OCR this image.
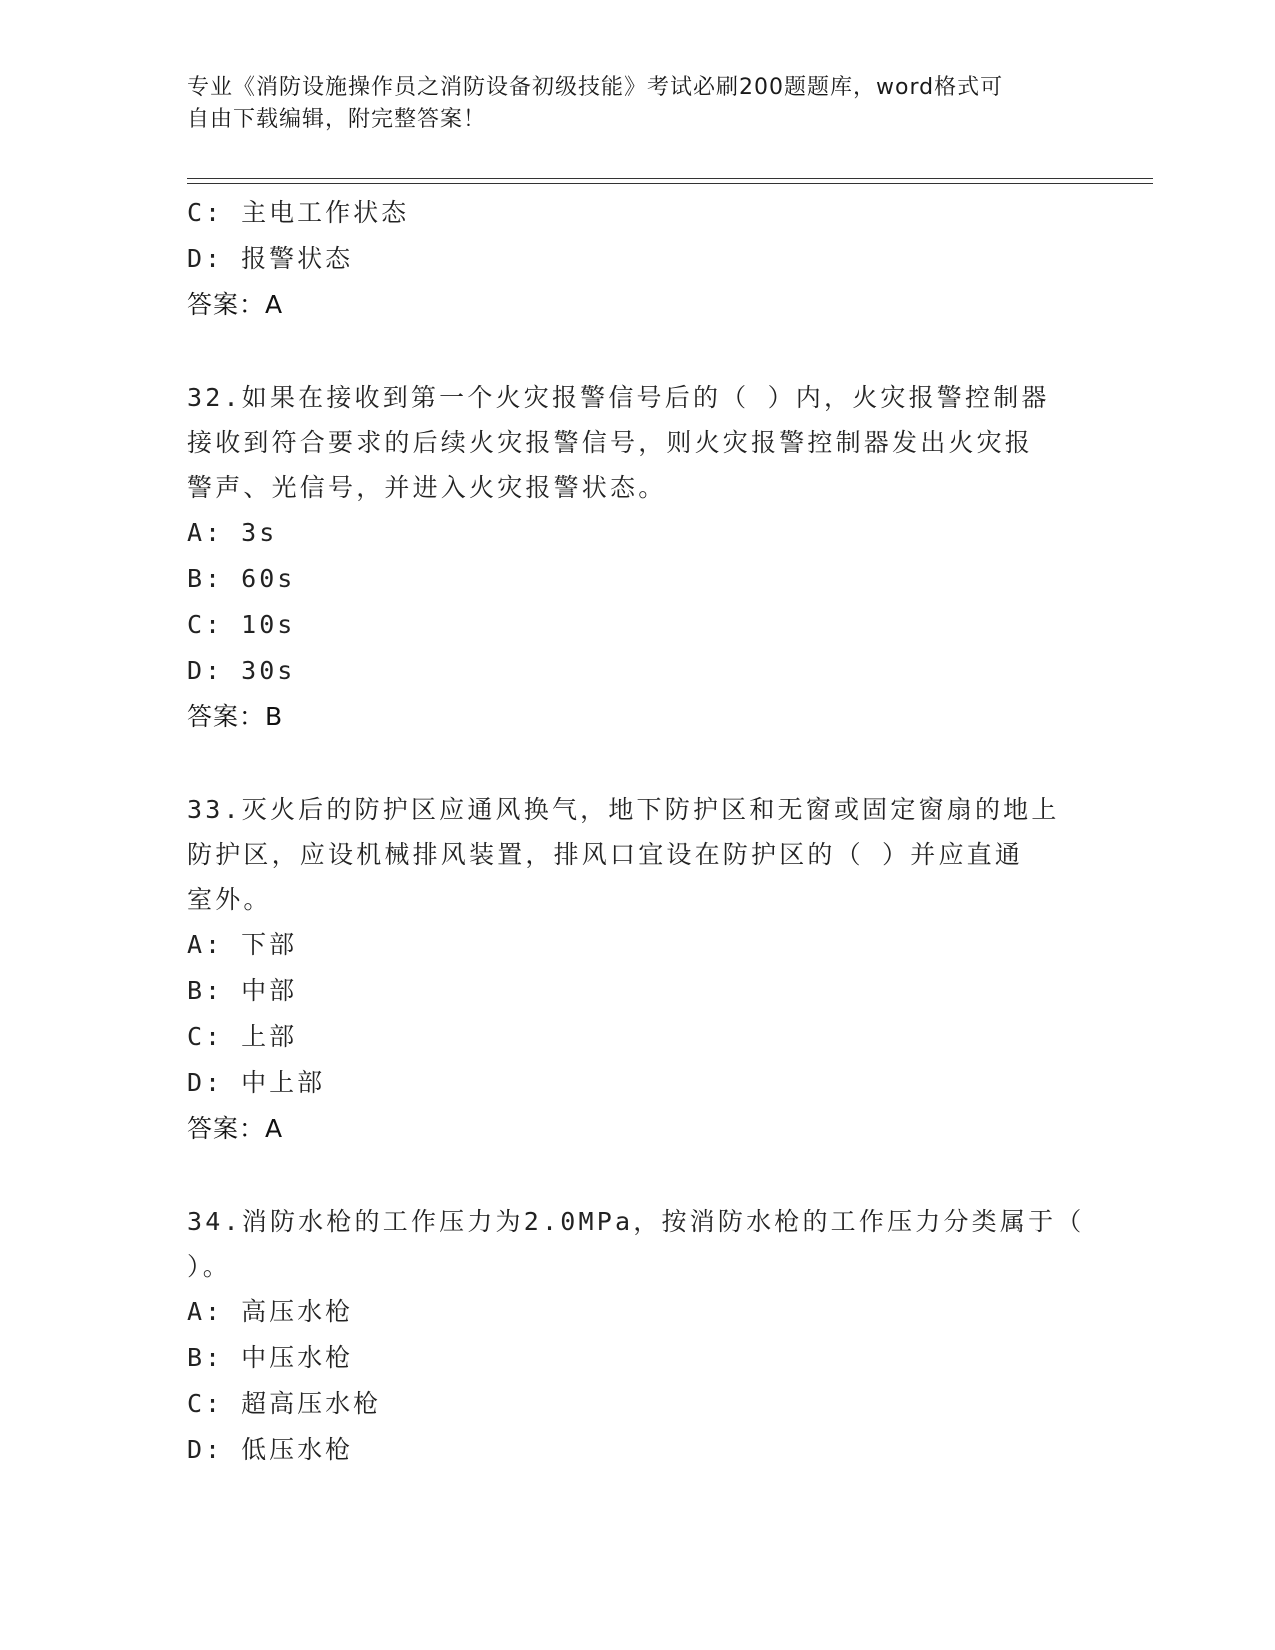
专业《消防设施操作员之消防设备初级技能》考试必刷200题题库，word格式可
自由下载编辑，附完整答案！
C: 主电工作状态
D: 报警状态
答案：A
32.如果在接收到第一个火灾报警信号后的（ ）内，火灾报警控制器
接收到符合要求的后续火灾报警信号，则火灾报警控制器发出火灾报
警声、光信号，并进入火灾报警状态。
A: 3s
B: 60s
C: 10s
D: 30s
答案：B
33.灭火后的防护区应通风换气，地下防护区和无窗或固定窗扇的地上
防护区，应设机械排风装置，排风口宜设在防护区的（ ）并应直通
室外。
A: 下部
B: 中部
C: 上部
D: 中上部
答案：A
34.消防水枪的工作压力为2.0MPa，按消防水枪的工作压力分类属于（
）。
A: 高压水枪
B: 中压水枪
C: 超高压水枪
D: 低压水枪
